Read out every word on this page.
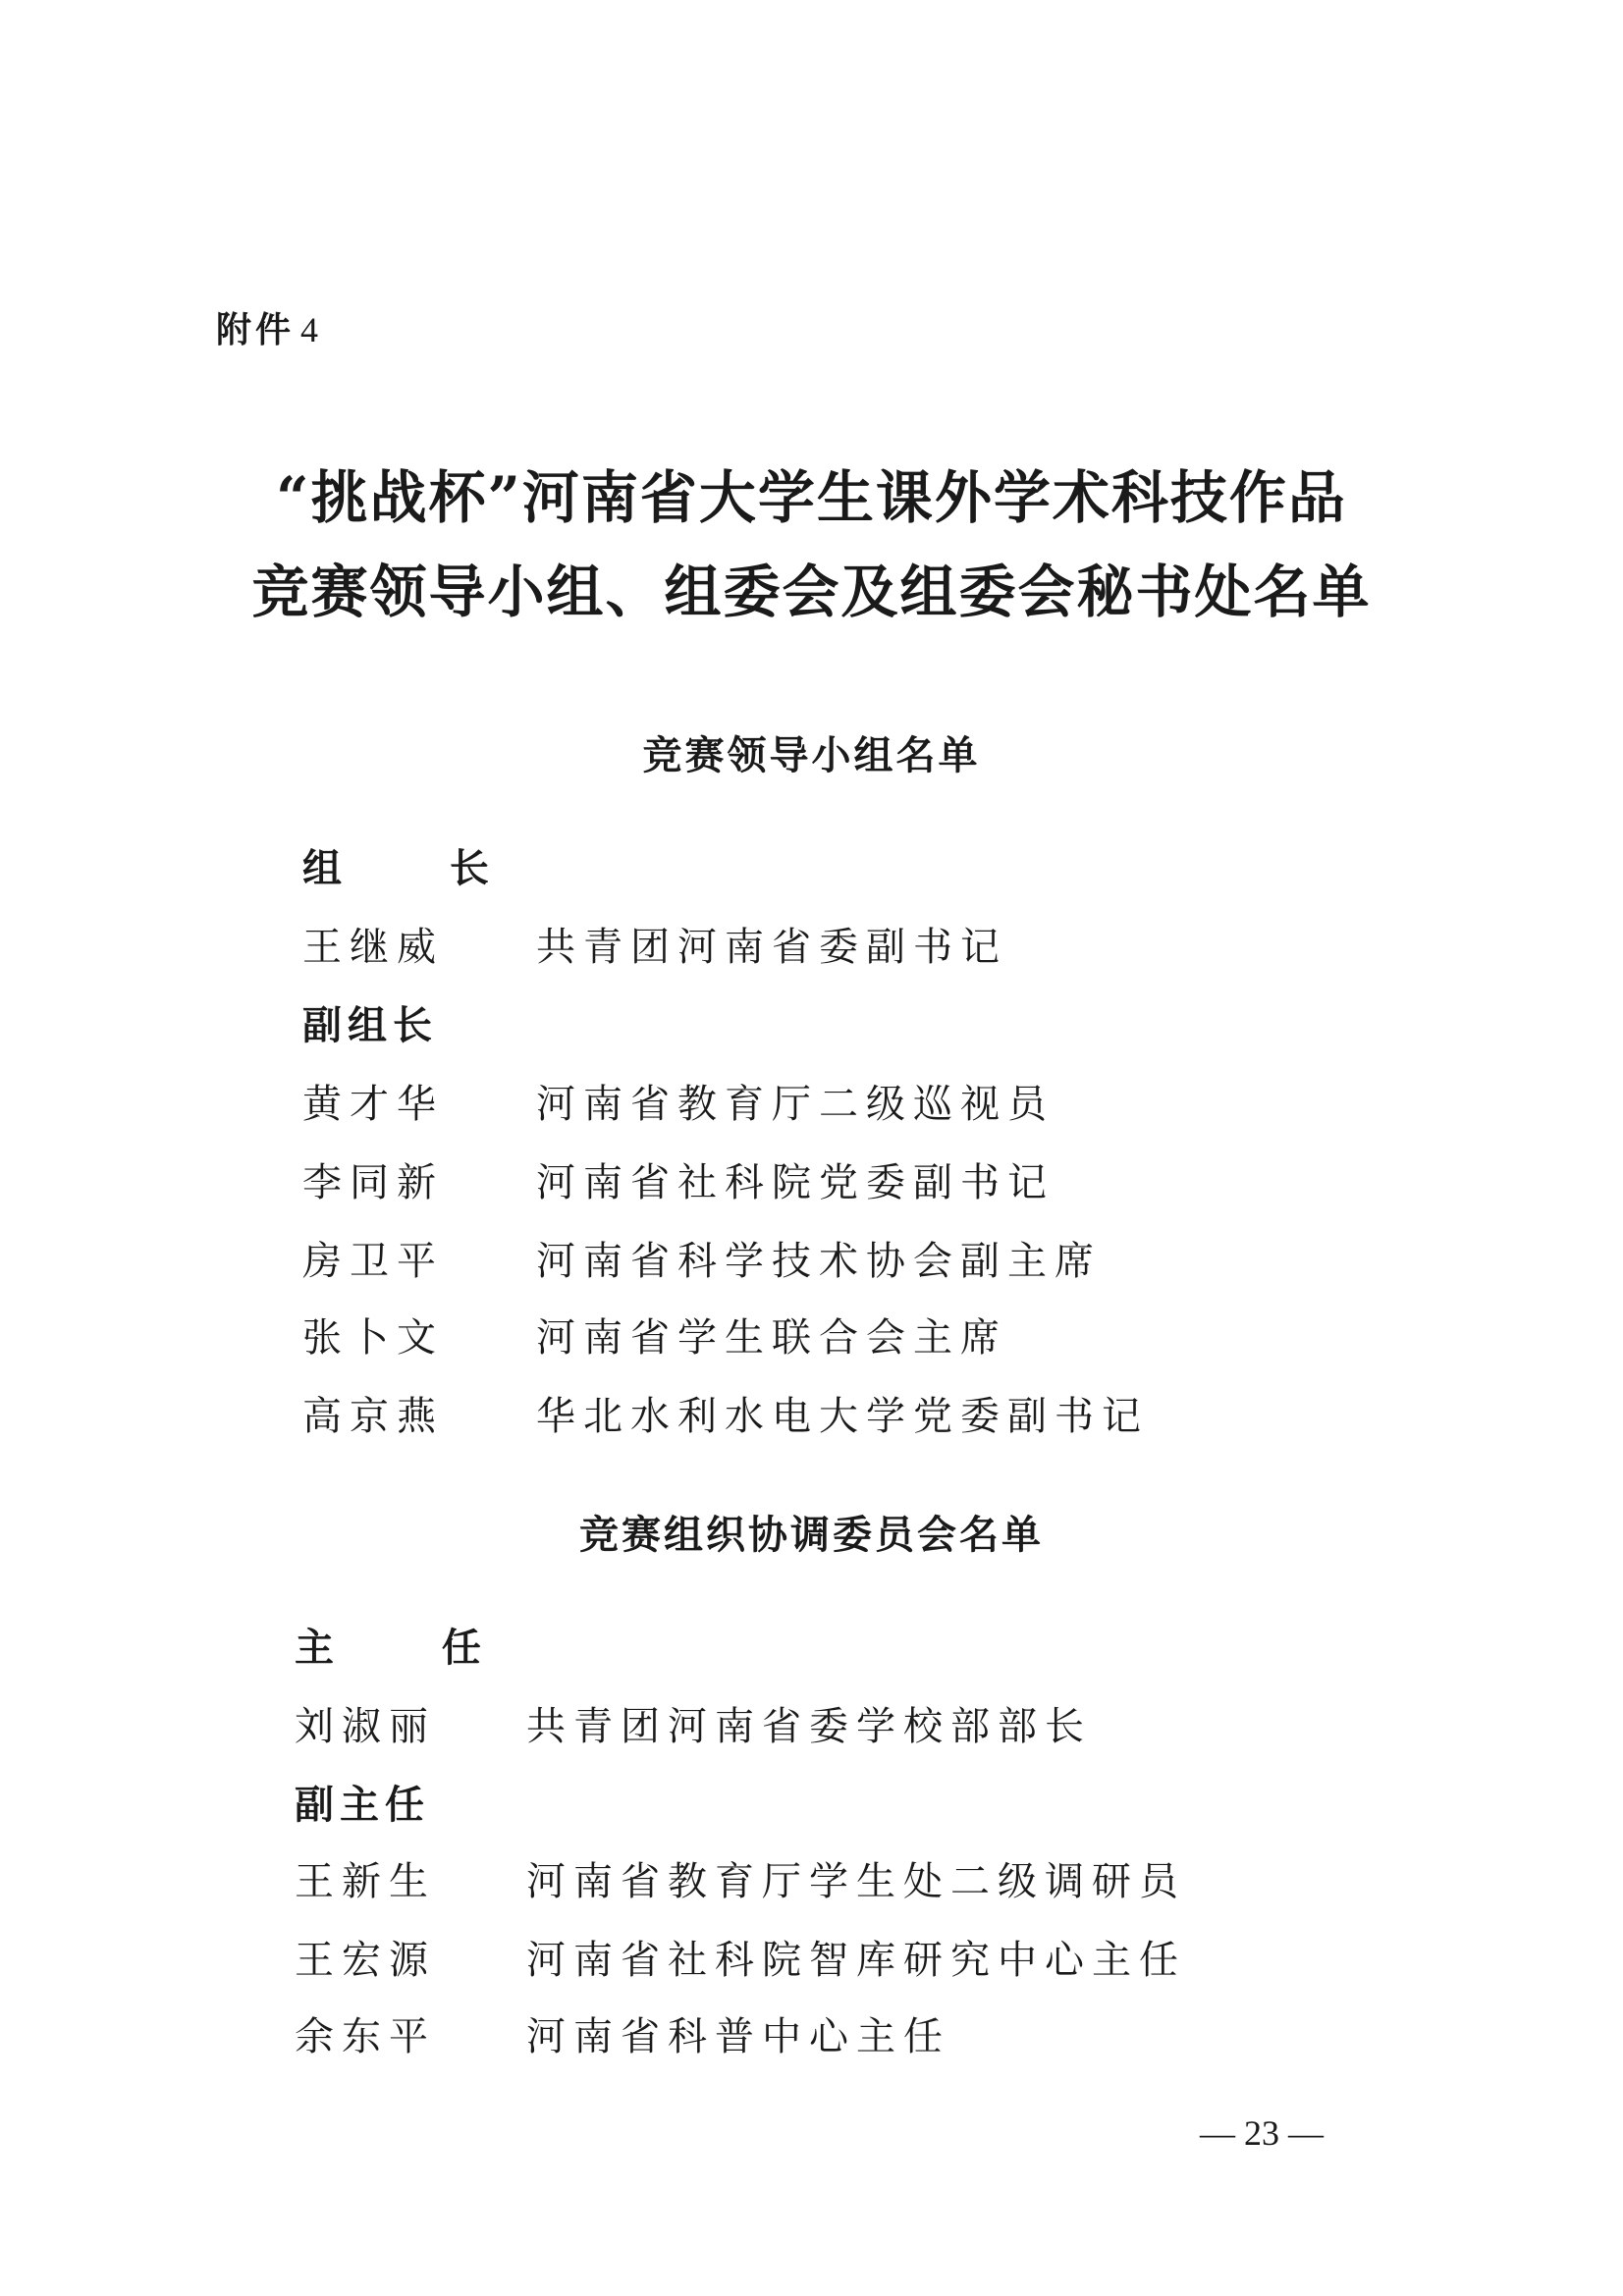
附件 4
“挑战杯”河南省大学生课外学术科技作品
竞赛领导小组、组委会及组委会秘书处名单
竞赛领导小组名单
组 长
王继威 共青团河南省委副书记
副组长
黄才华 河南省教育厅二级巡视员
李同新 河南省社科院党委副书记
房卫平 河南省科学技术协会副主席
张卜文 河南省学生联合会主席
高京燕 华北水利水电大学党委副书记
竞赛组织协调委员会名单
主 任
刘淑丽 共青团河南省委学校部部长
副主任
王新生 河南省教育厅学生处二级调研员
王宏源 河南省社科院智库研究中心主任
余东平 河南省科普中心主任
— 23 —
